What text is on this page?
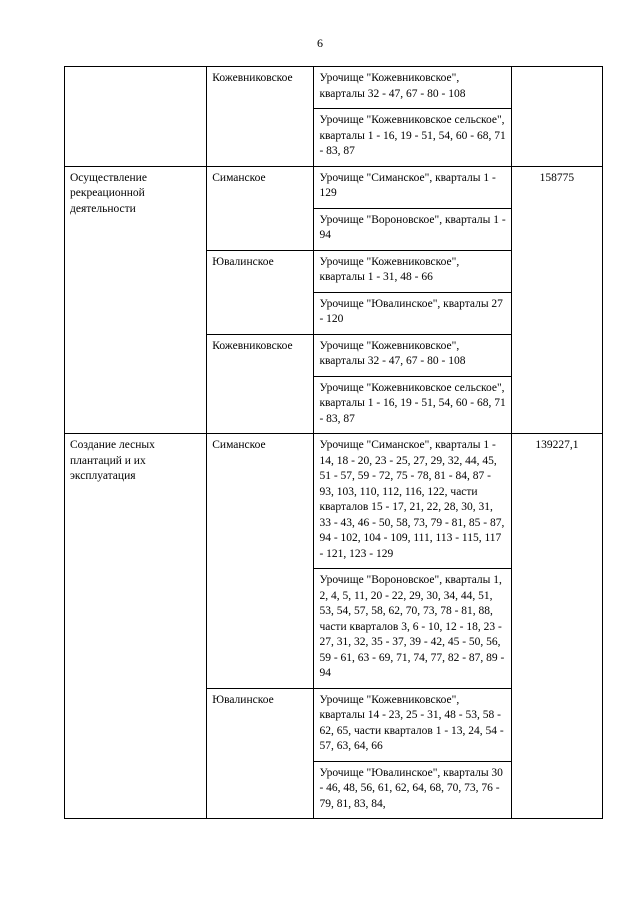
6
	Кожевниковское	Урочище "Кожевниковское", кварталы 32 - 47, 67 - 80 - 108	
		Урочище "Кожевниковское сельское", кварталы 1 - 16, 19 - 51, 54, 60 - 68, 71 - 83, 87	
Осуществление рекреационной деятельности	Симанское	Урочище "Симанское", кварталы 1 - 129	158775
		Урочище "Вороновское", кварталы 1 - 94	
	Ювалинское	Урочище "Кожевниковское", кварталы 1 - 31, 48 - 66	
		Урочище "Ювалинское", кварталы 27 - 120	
	Кожевниковское	Урочище "Кожевниковское", кварталы 32 - 47, 67 - 80 - 108	
		Урочище "Кожевниковское сельское", кварталы 1 - 16, 19 - 51, 54, 60 - 68, 71 - 83, 87	
Создание лесных плантаций и их эксплуатация	Симанское	Урочище "Симанское", кварталы 1 - 14, 18 - 20, 23 - 25, 27, 29, 32, 44, 45, 51 - 57, 59 - 72, 75 - 78, 81 - 84, 87 - 93, 103, 110, 112, 116, 122, части кварталов 15 - 17, 21, 22, 28, 30, 31, 33 - 43, 46 - 50, 58, 73, 79 - 81, 85 - 87, 94 - 102, 104 - 109, 111, 113 - 115, 117 - 121, 123 - 129	139227,1
		Урочище "Вороновское", кварталы 1, 2, 4, 5, 11, 20 - 22, 29, 30, 34, 44, 51, 53, 54, 57, 58, 62, 70, 73, 78 - 81, 88, части кварталов 3, 6 - 10, 12 - 18, 23 - 27, 31, 32, 35 - 37, 39 - 42, 45 - 50, 56, 59 - 61, 63 - 69, 71, 74, 77, 82 - 87, 89 - 94	
	Ювалинское	Урочище "Кожевниковское", кварталы 14 - 23, 25 - 31, 48 - 53, 58 - 62, 65, части кварталов 1 - 13, 24, 54 - 57, 63, 64, 66	
		Урочище "Ювалинское", кварталы 30 - 46, 48, 56, 61, 62, 64, 68, 70, 73, 76 - 79, 81, 83, 84,	
